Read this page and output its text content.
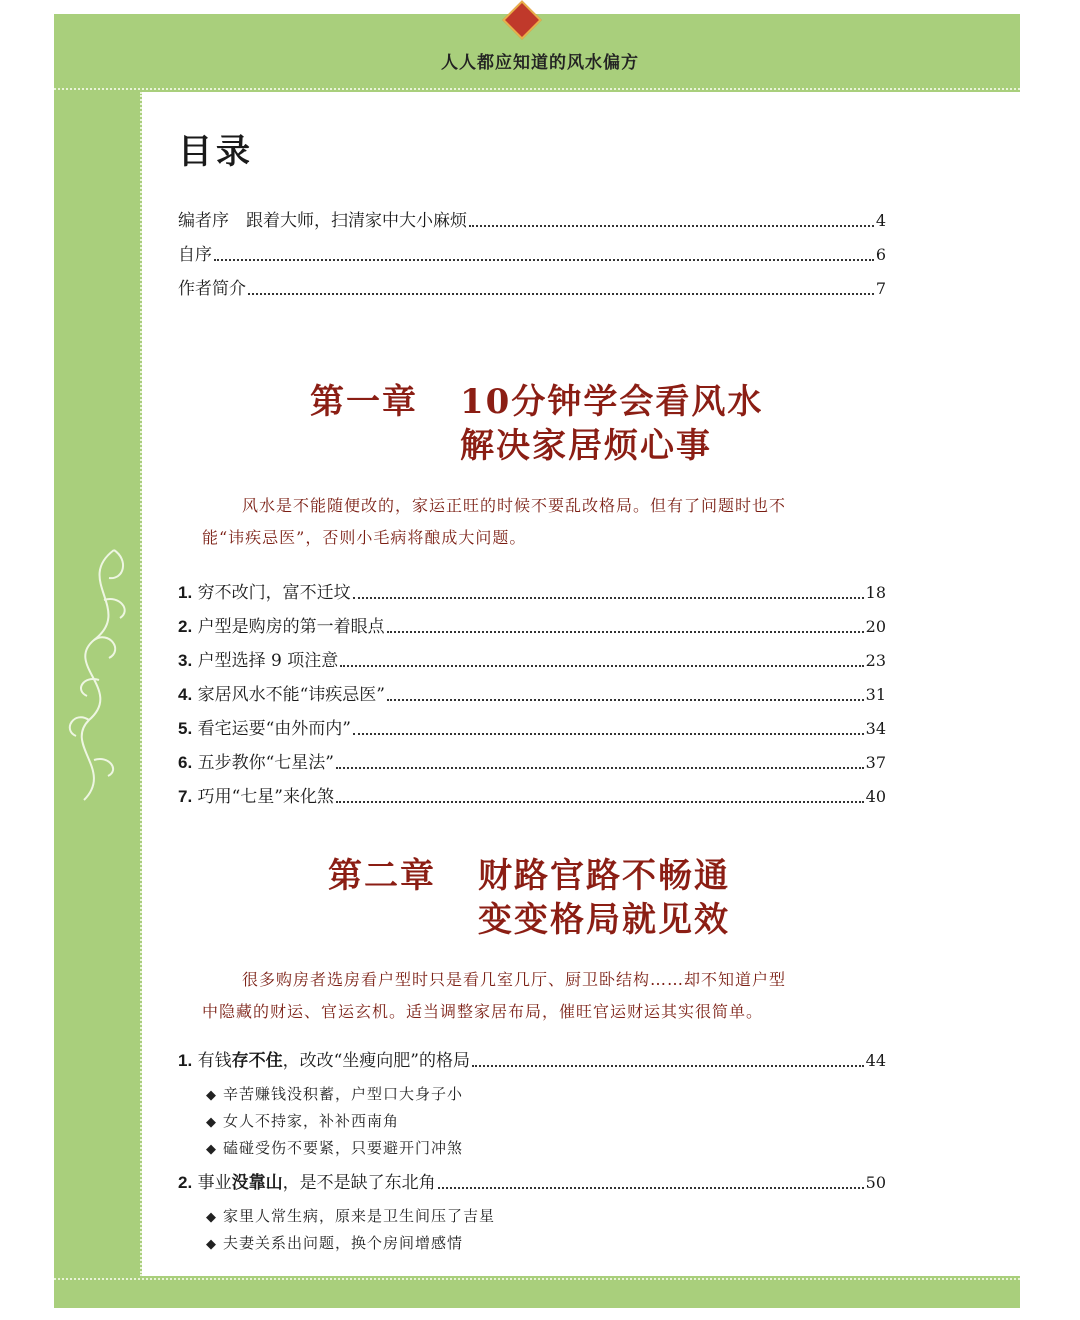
人人都应知道的风水偏方
目录
编者序　跟着大师，扫清家中大小麻烦	4
自序	6
作者简介	7
第一章 10分钟学会看风水
解决家居烦心事

风水是不能随便改的，家运正旺的时候不要乱改格局。但有了问题时也不

能“讳疾忌医”，否则小毛病将酿成大问题。

1. 穷不改门，富不迁坟	18
2. 户型是购房的第一着眼点	20
3. 户型选择 9 项注意	23
4. 家居风水不能“讳疾忌医”	31
5. 看宅运要“由外而内”	34
6. 五步教你“七星法”	37
7. 巧用“七星”来化煞	40
第二章 财路官路不畅通
变变格局就见效

很多购房者选房看户型时只是看几室几厅、厨卫卧结构……却不知道户型

中隐藏的财运、官运玄机。适当调整家居布局，催旺官运财运其实很简单。

1. 有钱存不住，改改“坐瘦向肥”的格局	44
◆ 辛苦赚钱没积蓄，户型口大身子小
◆ 女人不持家，补补西南角
◆ 磕碰受伤不要紧，只要避开门冲煞
2. 事业没靠山，是不是缺了东北角	50
◆ 家里人常生病，原来是卫生间压了吉星
◆ 夫妻关系出问题，换个房间增感情
